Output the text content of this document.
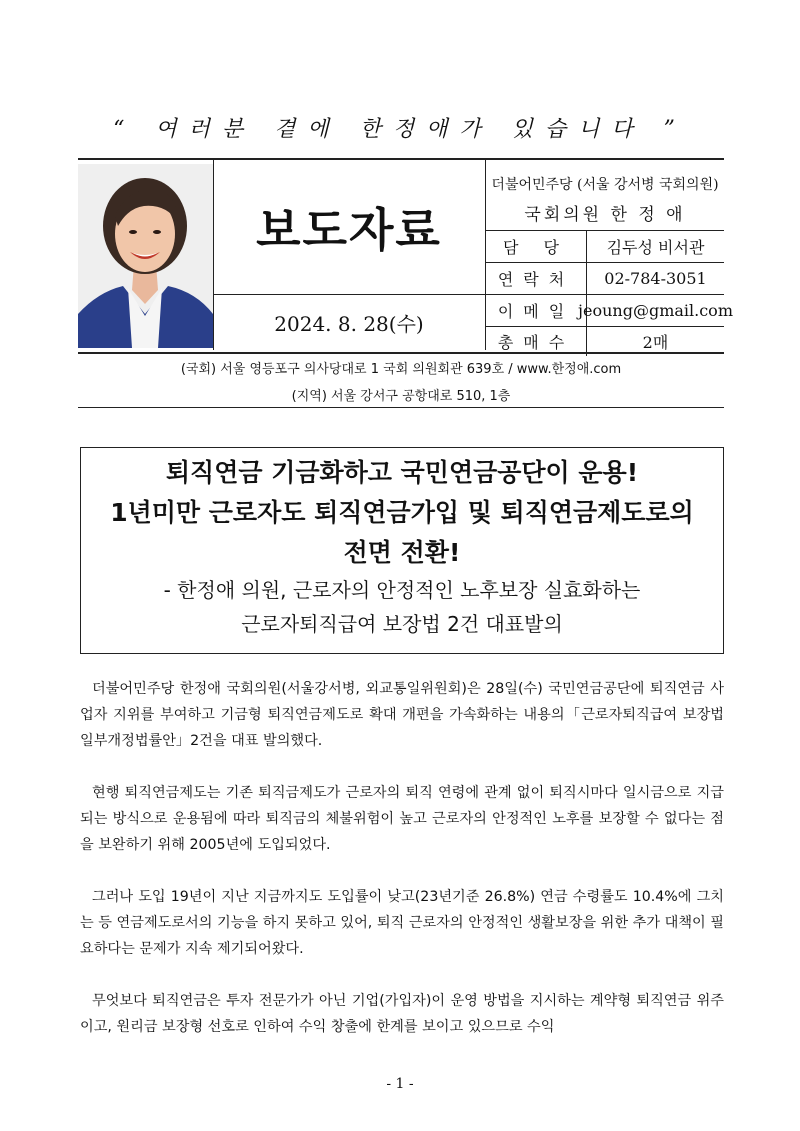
“ 여러분 곁에 한정애가 있습니다 ”
보도자료
2024. 8. 28(수)
더불어민주당 (서울 강서병 국회의원)
국회의원 한 정 애
담 당	김두성 비서관
연락처	02-784-3051
이메일 jeoung@gmail.com
총매수	2매
(국회) 서울 영등포구 의사당대로 1 국회 의원회관 639호 / www.한정애.com
(지역) 서울 강서구 공항대로 510, 1층
퇴직연금 기금화하고 국민연금공단이 운용!
1년미만 근로자도 퇴직연금가입 및 퇴직연금제도로의
전면 전환!
- 한정애 의원, 근로자의 안정적인 노후보장 실효화하는
근로자퇴직급여 보장법 2건 대표발의

더불어민주당 한정애 국회의원(서울강서병, 외교통일위원회)은 28일(수) 국민연금공단에 퇴직연금 사업자 지위를 부여하고 기금형 퇴직연금제도로 확대 개편을 가속화하는 내용의「근로자퇴직급여 보장법 일부개정법률안」2건을 대표 발의했다.

현행 퇴직연금제도는 기존 퇴직금제도가 근로자의 퇴직 연령에 관계 없이 퇴직시마다 일시금으로 지급되는 방식으로 운용됨에 따라 퇴직금의 체불위험이 높고 근로자의 안정적인 노후를 보장할 수 없다는 점을 보완하기 위해 2005년에 도입되었다.

그러나 도입 19년이 지난 지금까지도 도입률이 낮고(23년기준 26.8%) 연금 수령률도 10.4%에 그치는 등 연금제도로서의 기능을 하지 못하고 있어, 퇴직 근로자의 안정적인 생활보장을 위한 추가 대책이 필요하다는 문제가 지속 제기되어왔다.

무엇보다 퇴직연금은 투자 전문가가 아닌 기업(가입자)이 운영 방법을 지시하는 계약형 퇴직연금 위주이고, 원리금 보장형 선호로 인하여 수익 창출에 한계를 보이고 있으므로 수익

- 1 -
